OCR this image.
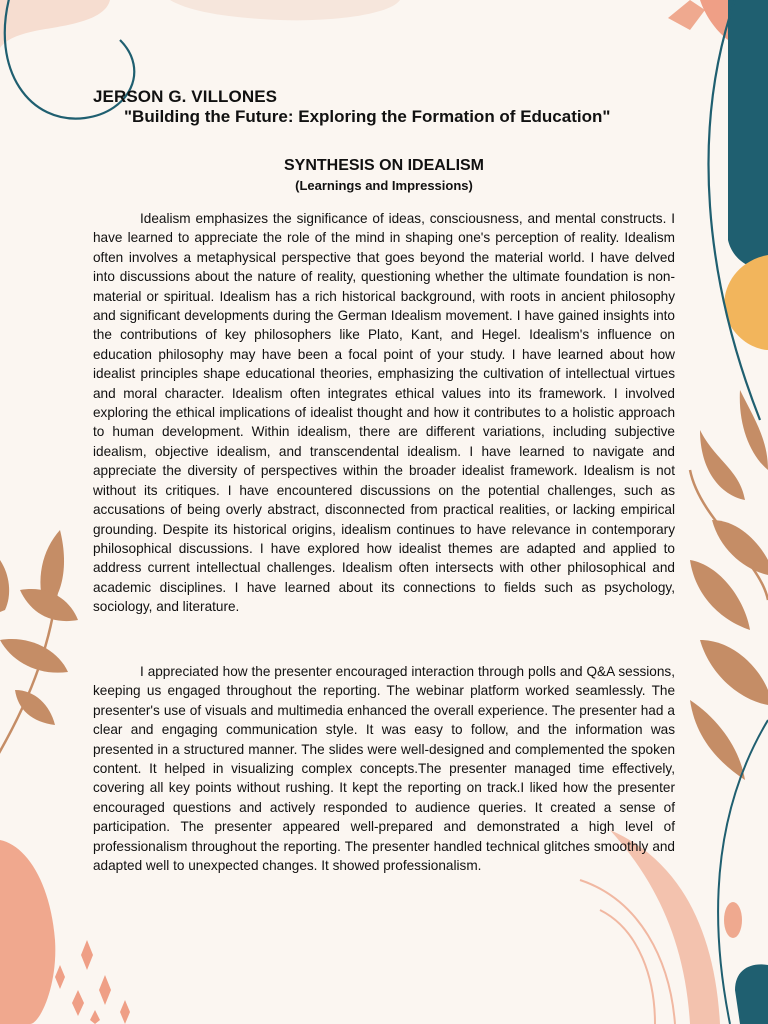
JERSON G. VILLONES
"Building the Future: Exploring the Formation of Education"
SYNTHESIS ON IDEALISM
(Learnings and Impressions)

Idealism emphasizes the significance of ideas, consciousness, and mental constructs. I have learned to appreciate the role of the mind in shaping one's perception of reality. Idealism often involves a metaphysical perspective that goes beyond the material world. I have delved into discussions about the nature of reality, questioning whether the ultimate foundation is non-material or spiritual. Idealism has a rich historical background, with roots in ancient philosophy and significant developments during the German Idealism movement. I have gained insights into the contributions of key philosophers like Plato, Kant, and Hegel. Idealism's influence on education philosophy may have been a focal point of your study. I have learned about how idealist principles shape educational theories, emphasizing the cultivation of intellectual virtues and moral character. Idealism often integrates ethical values into its framework. I involved exploring the ethical implications of idealist thought and how it contributes to a holistic approach to human development. Within idealism, there are different variations, including subjective idealism, objective idealism, and transcendental idealism. I have learned to navigate and appreciate the diversity of perspectives within the broader idealist framework. Idealism is not without its critiques. I have encountered discussions on the potential challenges, such as accusations of being overly abstract, disconnected from practical realities, or lacking empirical grounding. Despite its historical origins, idealism continues to have relevance in contemporary philosophical discussions. I have explored how idealist themes are adapted and applied to address current intellectual challenges. Idealism often intersects with other philosophical and academic disciplines. I have learned about its connections to fields such as psychology, sociology, and literature.

I appreciated how the presenter encouraged interaction through polls and Q&A sessions, keeping us engaged throughout the reporting. The webinar platform worked seamlessly. The presenter's use of visuals and multimedia enhanced the overall experience. The presenter had a clear and engaging communication style. It was easy to follow, and the information was presented in a structured manner. The slides were well-designed and complemented the spoken content. It helped in visualizing complex concepts.The presenter managed time effectively, covering all key points without rushing. It kept the reporting on track.I liked how the presenter encouraged questions and actively responded to audience queries. It created a sense of participation. The presenter appeared well-prepared and demonstrated a high level of professionalism throughout the reporting. The presenter handled technical glitches smoothly and adapted well to unexpected changes. It showed professionalism.
